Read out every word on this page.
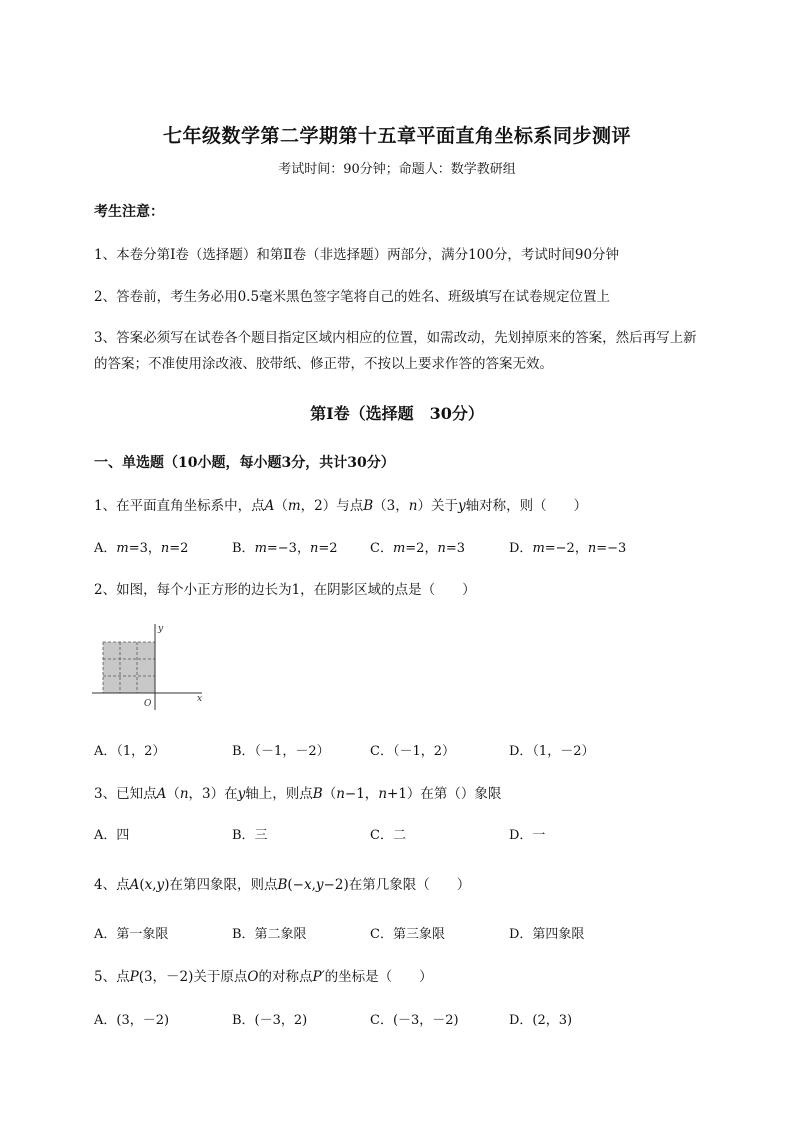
七年级数学第二学期第十五章平面直角坐标系同步测评
考试时间：90分钟；命题人：数学教研组
考生注意：
1、本卷分第I卷（选择题）和第Ⅱ卷（非选择题）两部分，满分100分，考试时间90分钟
2、答卷前，考生务必用0.5毫米黑色签字笔将自己的姓名、班级填写在试卷规定位置上
3、答案必须写在试卷各个题目指定区域内相应的位置，如需改动，先划掉原来的答案，然后再写上新
的答案；不准使用涂改液、胶带纸、修正带，不按以上要求作答的答案无效。
第I卷（选择题　30分）
一、单选题（10小题，每小题3分，共计30分）
1、在平面直角坐标系中，点A（m，2）与点B（3，n）关于y轴对称，则（　　）
A．m=3，n=2	B．m=−3，n=2	C．m=2，n=3	D．m=−2，n=−3
2、如图，每个小正方形的边长为1，在阴影区域的点是（　　）
x
y
O
A．（1，2）	B．（－1，－2）	C．（－1，2）	D．（1，－2）
3、已知点A（n，3）在y轴上，则点B（n−1，n+1）在第（）象限
A．四	B．三	C．二	D．一
4、点A(x,y)在第四象限，则点B(−x,y−2)在第几象限（　　）
A．第一象限	B．第二象限	C．第三象限	D．第四象限
5、点P(3，－2)关于原点O的对称点P′的坐标是（　　）
A．(3，－2)	B．(－3，2)	C．(－3，－2)	D．(2，3)
